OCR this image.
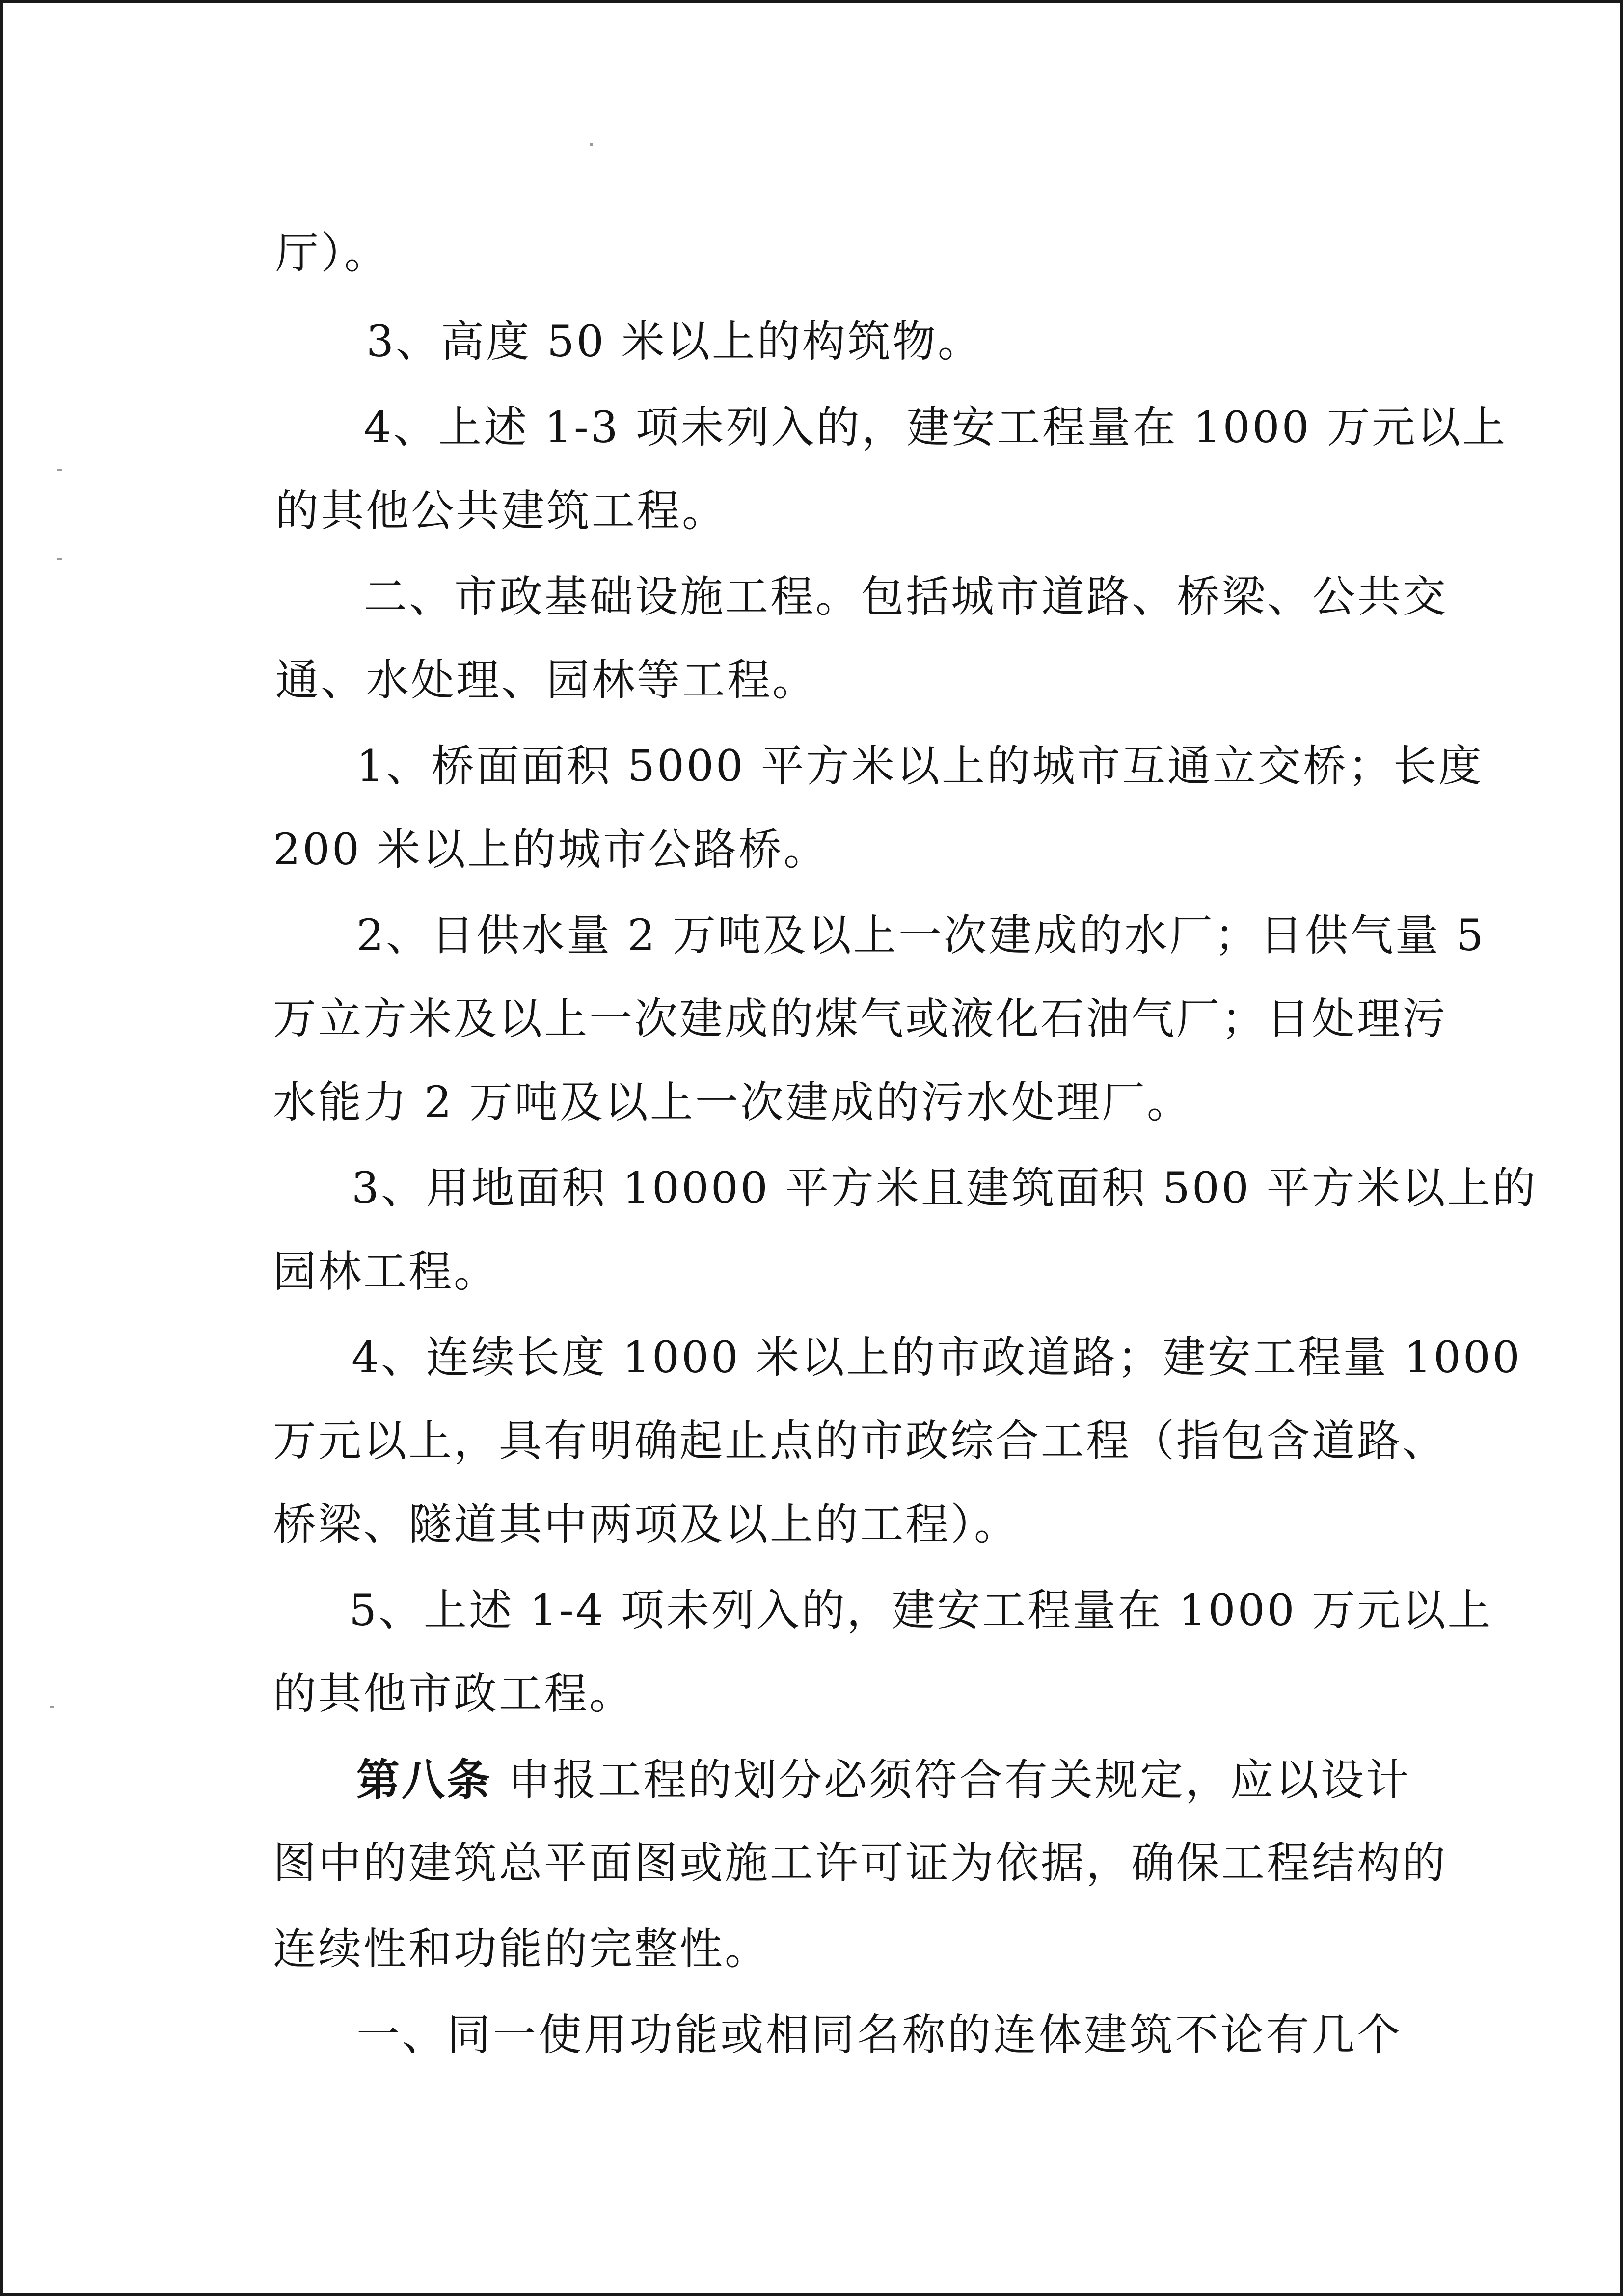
厅）。
3、高度 50 米以上的构筑物。
4、上述 1-3 项未列入的，建安工程量在 1000 万元以上
的其他公共建筑工程。
二、市政基础设施工程。包括城市道路、桥梁、公共交
通、水处理、园林等工程。
1、桥面面积 5000 平方米以上的城市互通立交桥；长度
200 米以上的城市公路桥。
2、日供水量 2 万吨及以上一次建成的水厂；日供气量 5
万立方米及以上一次建成的煤气或液化石油气厂；日处理污
水能力 2 万吨及以上一次建成的污水处理厂。
3、用地面积 10000 平方米且建筑面积 500 平方米以上的
园林工程。
4、连续长度 1000 米以上的市政道路；建安工程量 1000
万元以上，具有明确起止点的市政综合工程（指包含道路、
桥梁、隧道其中两项及以上的工程）。
5、上述 1-4 项未列入的，建安工程量在 1000 万元以上
的其他市政工程。
第八条 申报工程的划分必须符合有关规定，应以设计
图中的建筑总平面图或施工许可证为依据，确保工程结构的
连续性和功能的完整性。
一、同一使用功能或相同名称的连体建筑不论有几个
